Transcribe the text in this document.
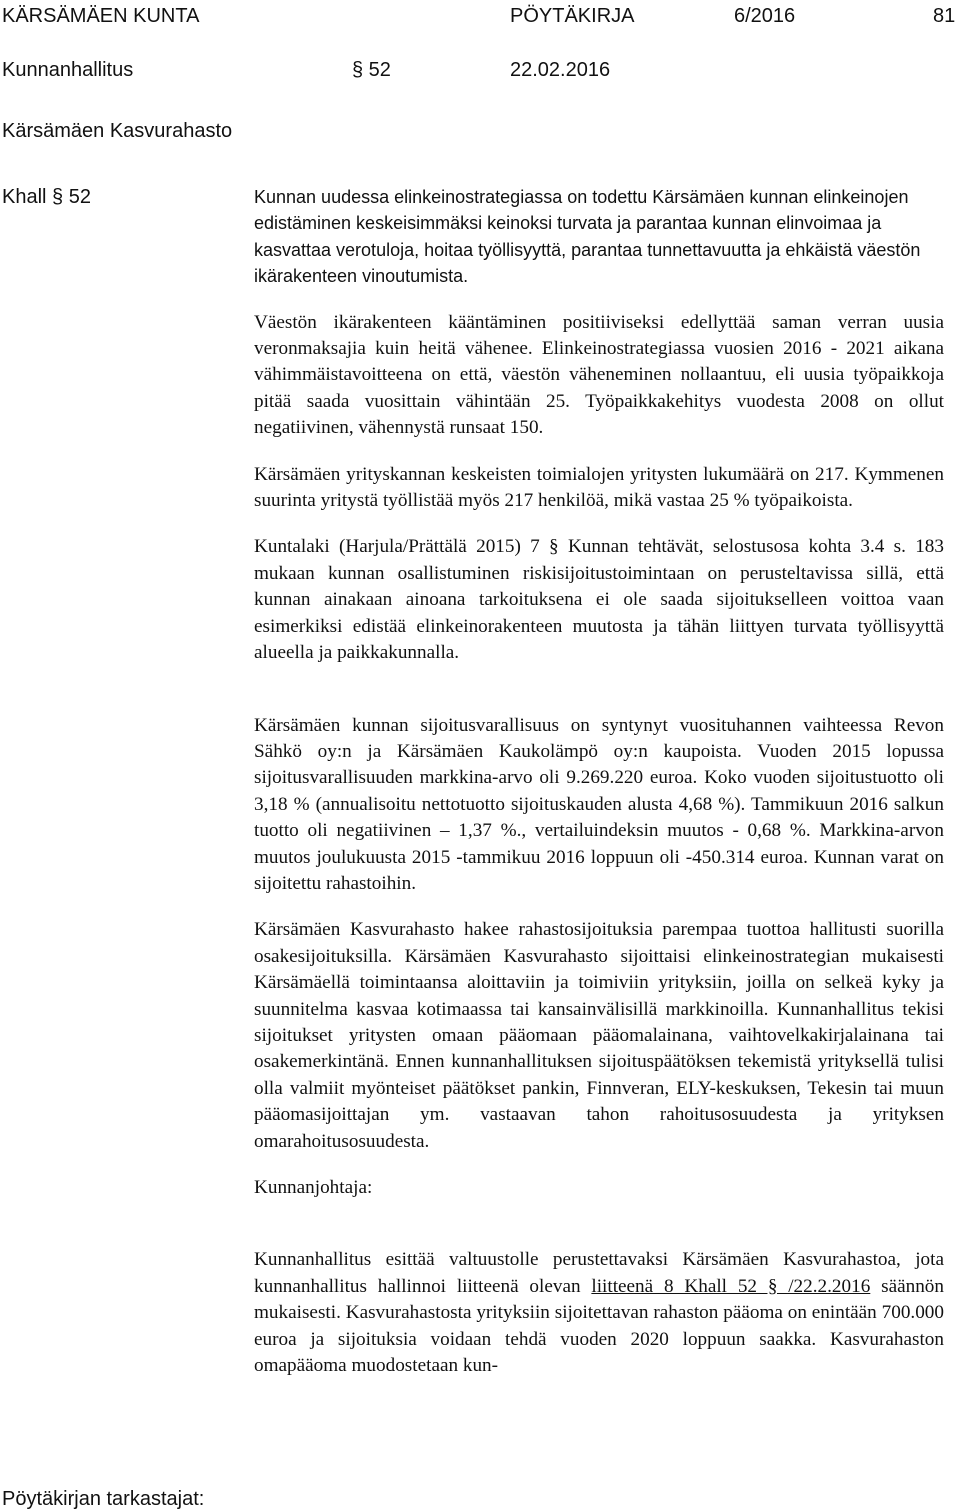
KÄRSÄMÄEN KUNTA	PÖYTÄKIRJA	6/2016	81
Kunnanhallitus	§ 52	22.02.2016
Kärsämäen Kasvurahasto
Khall § 52	Kunnan uudessa elinkeinostrategiassa on todettu Kärsämäen kunnan elinkeinojen edistäminen keskeisimmäksi keinoksi turvata ja parantaa kunnan elinvoimaa ja kasvattaa verotuloja, hoitaa työllisyyttä, parantaa tunnettavuutta ja ehkäistä väestön ikärakenteen vinoutumista.

Väestön ikärakenteen kääntäminen positiiviseksi edellyttää saman verran uusia veronmaksajia kuin heitä vähenee. Elinkeinostrategiassa vuosien 2016 - 2021 aikana vähimmäistavoitteena on että, väestön väheneminen nollaantuu, eli uusia työpaikkoja pitää saada vuosittain vähintään 25. Työpaikkakehitys vuodesta 2008 on ollut negatiivinen, vähennystä runsaat 150.

Kärsämäen yrityskannan keskeisten toimialojen yritysten lukumäärä on 217. Kymmenen suurinta yritystä työllistää myös 217 henkilöä, mikä vastaa 25 % työpaikoista.

Kuntalaki (Harjula/Prättälä 2015) 7 § Kunnan tehtävät, selostusosa kohta 3.4 s. 183 mukaan kunnan osallistuminen riskisijoitustoimintaan on perusteltavissa sillä, että kunnan ainakaan ainoana tarkoituksena ei ole saada sijoitukselleen voittoa vaan esimerkiksi edistää elinkeinorakenteen muutosta ja tähän liittyen turvata työllisyyttä alueella ja paikkakunnalla.

Kärsämäen kunnan sijoitusvarallisuus on syntynyt vuosituhannen vaihteessa Revon Sähkö oy:n ja Kärsämäen Kaukolämpö oy:n kaupoista. Vuoden 2015 lopussa sijoitusvarallisuuden markkina-arvo oli 9.269.220 euroa. Koko vuoden sijoitustuotto oli 3,18 % (annualisoitu nettotuotto sijoituskauden alusta 4,68 %). Tammikuun 2016 salkun tuotto oli negatiivinen – 1,37 %., vertailuindeksin muutos - 0,68 %. Markkina-arvon muutos joulukuusta 2015 -tammikuu 2016 loppuun oli -450.314 euroa. Kunnan varat on sijoitettu rahastoihin.

Kärsämäen Kasvurahasto hakee rahastosijoituksia parempaa tuottoa hallitusti suorilla osakesijoituksilla. Kärsämäen Kasvurahasto sijoittaisi elinkeinostrategian mukaisesti Kärsämäellä toimintaansa aloittaviin ja toimiviin yrityksiin, joilla on selkeä kyky ja suunnitelma kasvaa kotimaassa tai kansainvälisillä markkinoilla. Kunnanhallitus tekisi sijoitukset yritysten omaan pääomaan pääomalainana, vaihtovelkakirjalainana tai osakemerkintänä. Ennen kunnanhallituksen sijoituspäätöksen tekemistä yrityksellä tulisi olla valmiit myönteiset päätökset pankin, Finnveran, ELY-keskuksen, Tekesin tai muun pääomasijoittajan ym. vastaavan tahon rahoitusosuudesta ja yrityksen omarahoitusosuudesta.

Kunnanjohtaja:

Kunnanhallitus esittää valtuustolle perustettavaksi Kärsämäen Kasvurahastoa, jota kunnanhallitus hallinnoi liitteenä olevan liitteenä 8 Khall 52 § /22.2.2016 säännön mukaisesti. Kasvurahastosta yrityksiin sijoitettavan rahaston pääoma on enintään 700.000 euroa ja sijoituksia voidaan tehdä vuoden 2020 loppuun saakka. Kasvurahaston omapääoma muodostetaan kun-

Pöytäkirjan tarkastajat:
